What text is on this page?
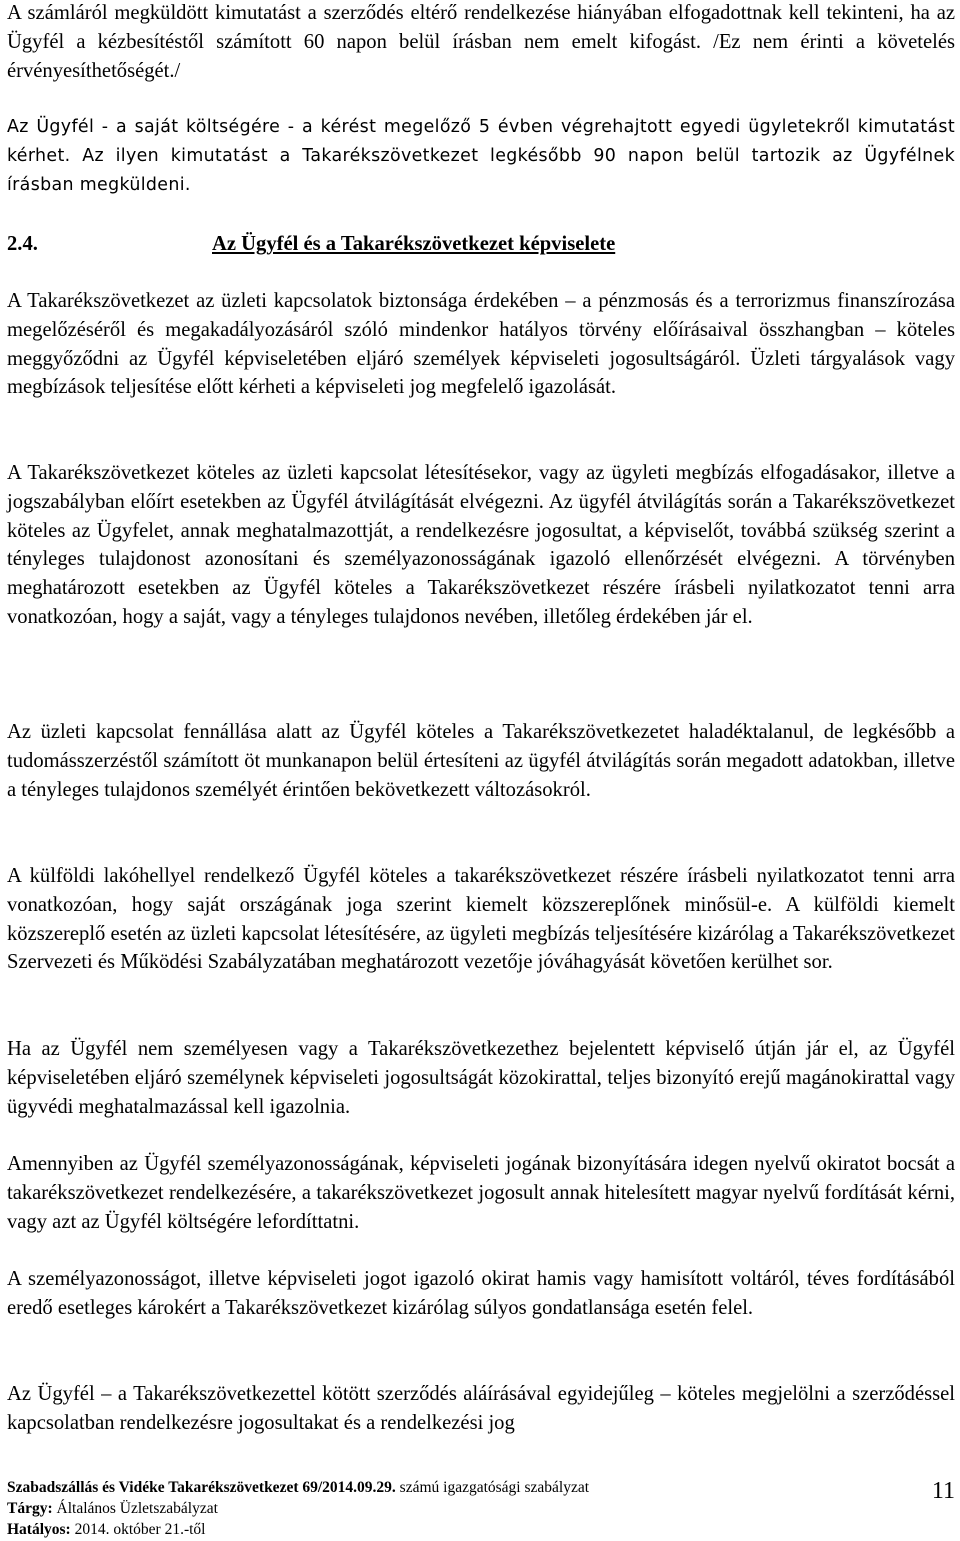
A számláról megküldött kimutatást a szerződés eltérő rendelkezése hiányában elfogadottnak kell tekinteni, ha az Ügyfél a kézbesítéstől számított 60 napon belül írásban nem emelt kifogást. /Ez nem érinti a követelés érvényesíthetőségét./

Az Ügyfél - a saját költségére - a kérést megelőző 5 évben végrehajtott egyedi ügyletekről kimutatást kérhet. Az ilyen kimutatást a Takarékszövetkezet legkésőbb 90 napon belül tartozik az Ügyfélnek írásban megküldeni.

2.4.	Az Ügyfél és a Takarékszövetkezet képviselete

A Takarékszövetkezet az üzleti kapcsolatok biztonsága érdekében – a pénzmosás és a terrorizmus finanszírozása megelőzéséről és megakadályozásáról szóló mindenkor hatályos törvény előírásaival összhangban – köteles meggyőződni az Ügyfél képviseletében eljáró személyek képviseleti jogosultságáról. Üzleti tárgyalások vagy megbízások teljesítése előtt kérheti a képviseleti jog megfelelő igazolását.

A Takarékszövetkezet köteles az üzleti kapcsolat létesítésekor, vagy az ügyleti megbízás elfogadásakor, illetve a jogszabályban előírt esetekben az Ügyfél átvilágítását elvégezni. Az ügyfél átvilágítás során a Takarékszövetkezet köteles az Ügyfelet, annak meghatalmazottját, a rendelkezésre jogosultat, a képviselőt, továbbá szükség szerint a tényleges tulajdonost azonosítani és személyazonosságának igazoló ellenőrzését elvégezni. A törvényben meghatározott esetekben az Ügyfél köteles a Takarékszövetkezet részére írásbeli nyilatkozatot tenni arra vonatkozóan, hogy a saját, vagy a tényleges tulajdonos nevében, illetőleg érdekében jár el.

Az üzleti kapcsolat fennállása alatt az Ügyfél köteles a Takarékszövetkezetet haladéktalanul, de legkésőbb a tudomásszerzéstől számított öt munkanapon belül értesíteni az ügyfél átvilágítás során megadott adatokban, illetve a tényleges tulajdonos személyét érintően bekövetkezett változásokról.

A külföldi lakóhellyel rendelkező Ügyfél köteles a takarékszövetkezet részére írásbeli nyilatkozatot tenni arra vonatkozóan, hogy saját országának joga szerint kiemelt közszereplőnek minősül-e. A külföldi kiemelt közszereplő esetén az üzleti kapcsolat létesítésére, az ügyleti megbízás teljesítésére kizárólag a Takarékszövetkezet Szervezeti és Működési Szabályzatában meghatározott vezetője jóváhagyását követően kerülhet sor.

Ha az Ügyfél nem személyesen vagy a Takarékszövetkezethez bejelentett képviselő útján jár el, az Ügyfél képviseletében eljáró személynek képviseleti jogosultságát közokirattal, teljes bizonyító erejű magánokirattal vagy ügyvédi meghatalmazással kell igazolnia.

Amennyiben az Ügyfél személyazonosságának, képviseleti jogának bizonyítására idegen nyelvű okiratot bocsát a takarékszövetkezet rendelkezésére, a takarékszövetkezet jogosult annak hitelesített magyar nyelvű fordítását kérni, vagy azt az Ügyfél költségére lefordíttatni.

A személyazonosságot, illetve képviseleti jogot igazoló okirat hamis vagy hamisított voltáról, téves fordításából eredő esetleges károkért a Takarékszövetkezet kizárólag súlyos gondatlansága esetén felel.

Az Ügyfél – a Takarékszövetkezettel kötött szerződés aláírásával egyidejűleg – köteles megjelölni a szerződéssel kapcsolatban rendelkezésre jogosultakat és a rendelkezési jog

Szabadszállás és Vidéke Takarékszövetkezet 69/2014.09.29. számú igazgatósági szabályzat
Tárgy: Általános Üzletszabályzat
Hatályos: 2014. október 21.-től
11
